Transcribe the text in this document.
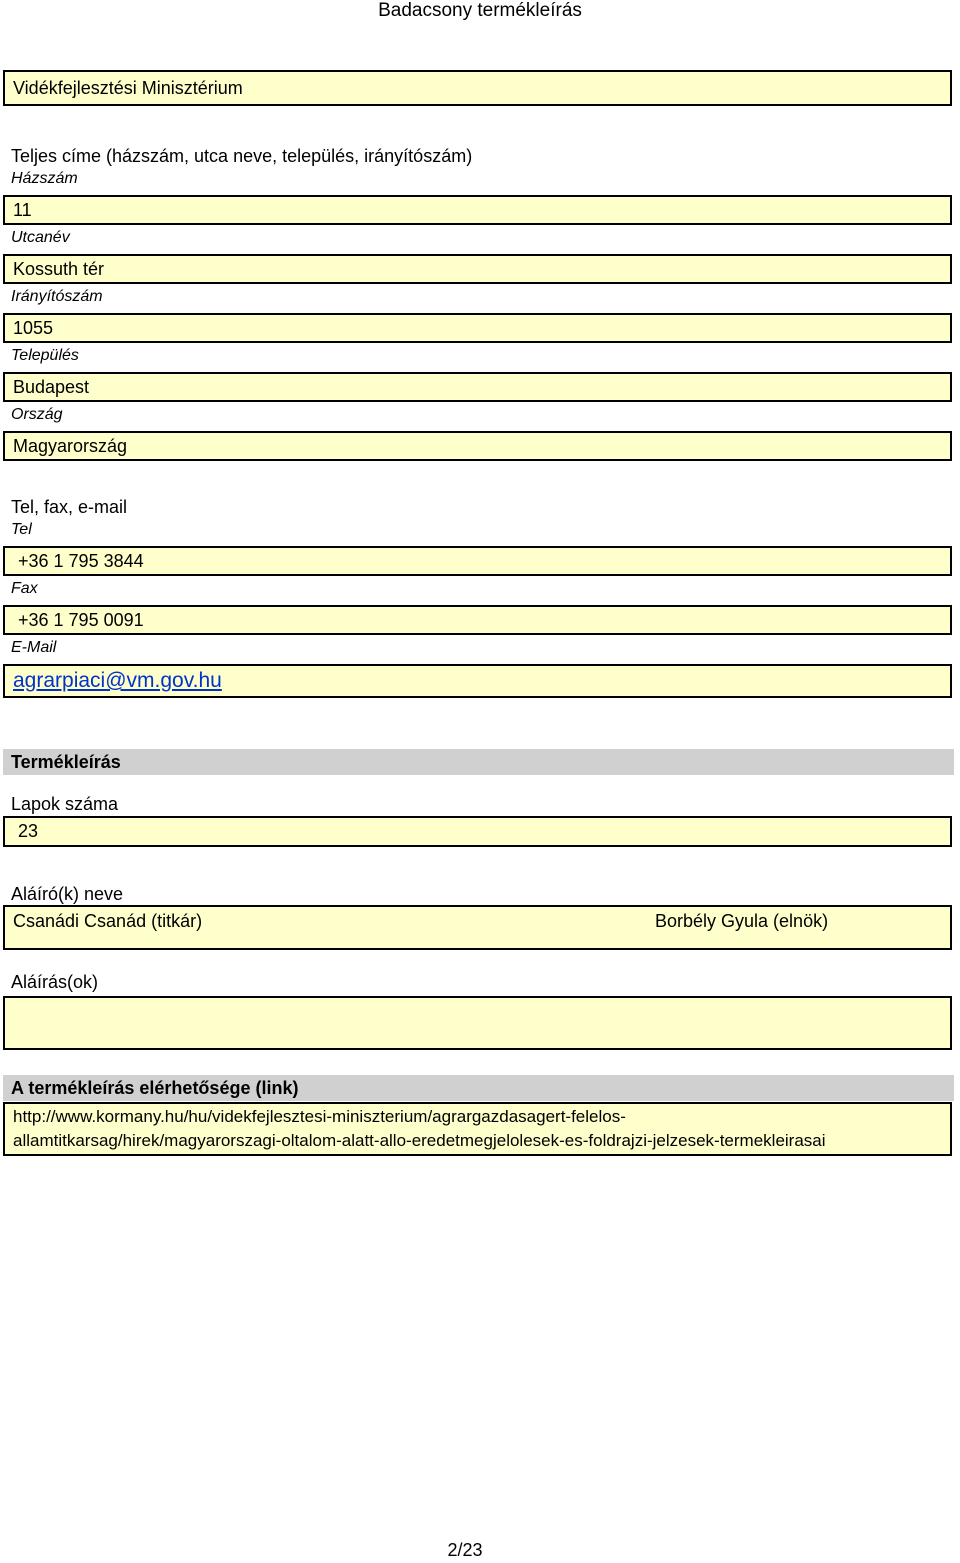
Badacsony termékleírás
Vidékfejlesztési Minisztérium
Teljes címe (házszám, utca neve, település, irányítószám)
Házszám
11
Utcanév
Kossuth tér
Irányítószám
1055
Település
Budapest
Ország
Magyarország
Tel, fax, e-mail
Tel
+36 1 795 3844
Fax
+36 1 795 0091
E-Mail
agrarpiaci@vm.gov.hu
Termékleírás
Lapok száma
23
Aláíró(k) neve
Csanádi Csanád (titkár)	Borbély Gyula (elnök)
Aláírás(ok)
A termékleírás elérhetősége (link)
http://www.kormany.hu/hu/videkfejlesztesi-miniszterium/agrargazdasagert-felelos-
allamtitkarsag/hirek/magyarorszagi-oltalom-alatt-allo-eredetmegjelolesek-es-foldrajzi-jelzesek-termekleirasai
2/23
